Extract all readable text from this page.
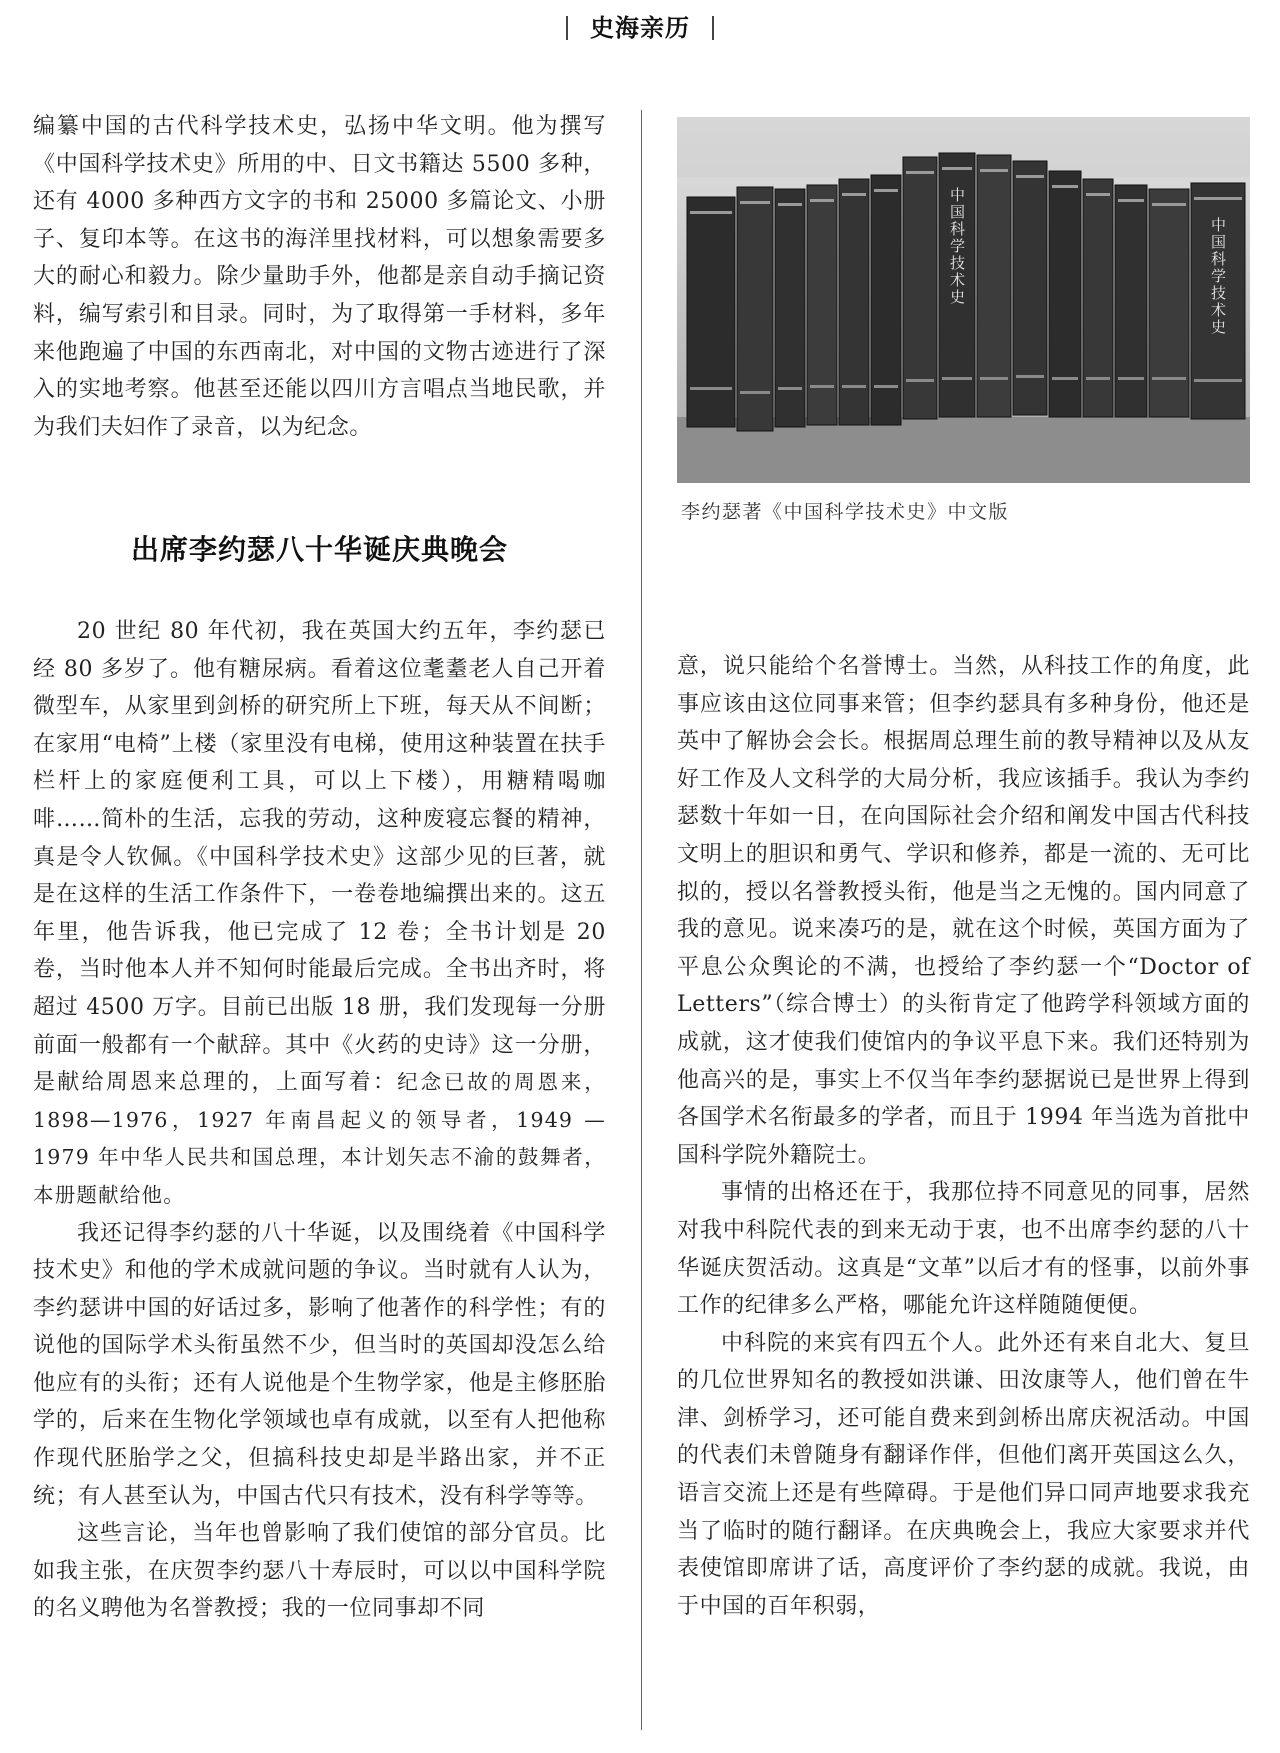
史海亲历

编纂中国的古代科学技术史，弘扬中华文明。他为撰写《中国科学技术史》所用的中、日文书籍达 5500 多种，还有 4000 多种西方文字的书和 25000 多篇论文、小册子、复印本等。在这书的海洋里找材料，可以想象需要多大的耐心和毅力。除少量助手外，他都是亲自动手摘记资料，编写索引和目录。同时，为了取得第一手材料，多年来他跑遍了中国的东西南北，对中国的文物古迹进行了深入的实地考察。他甚至还能以四川方言唱点当地民歌，并为我们夫妇作了录音，以为纪念。

出席李约瑟八十华诞庆典晚会

20 世纪 80 年代初，我在英国大约五年，李约瑟已经 80 多岁了。他有糖尿病。看着这位耄耋老人自己开着微型车，从家里到剑桥的研究所上下班，每天从不间断；在家用“电椅”上楼（家里没有电梯，使用这种装置在扶手栏杆上的家庭便利工具，可以上下楼），用糖精喝咖啡……简朴的生活，忘我的劳动，这种废寝忘餐的精神，真是令人钦佩。《中国科学技术史》这部少见的巨著，就是在这样的生活工作条件下，一卷卷地编撰出来的。这五年里，他告诉我，他已完成了 12 卷；全书计划是 20 卷，当时他本人并不知何时能最后完成。全书出齐时，将超过 4500 万字。目前已出版 18 册，我们发现每一分册前面一般都有一个献辞。其中《火药的史诗》这一分册，是献给周恩来总理的，上面写着：纪念已故的周恩来，1898—1976，1927 年南昌起义的领导者，1949 — 1979 年中华人民共和国总理，本计划矢志不渝的鼓舞者，本册题献给他。

我还记得李约瑟的八十华诞，以及围绕着《中国科学技术史》和他的学术成就问题的争议。当时就有人认为，李约瑟讲中国的好话过多，影响了他著作的科学性；有的说他的国际学术头衔虽然不少，但当时的英国却没怎么给他应有的头衔；还有人说他是个生物学家，他是主修胚胎学的，后来在生物化学领域也卓有成就，以至有人把他称作现代胚胎学之父，但搞科技史却是半路出家，并不正统；有人甚至认为，中国古代只有技术，没有科学等等。

这些言论，当年也曾影响了我们使馆的部分官员。比如我主张，在庆贺李约瑟八十寿辰时，可以以中国科学院的名义聘他为名誉教授；我的一位同事却不同

中国科学技术史	中国科学技术史
李约瑟著《中国科学技术史》中文版

意，说只能给个名誉博士。当然，从科技工作的角度，此事应该由这位同事来管；但李约瑟具有多种身份，他还是英中了解协会会长。根据周总理生前的教导精神以及从友好工作及人文科学的大局分析，我应该插手。我认为李约瑟数十年如一日，在向国际社会介绍和阐发中国古代科技文明上的胆识和勇气、学识和修养，都是一流的、无可比拟的，授以名誉教授头衔，他是当之无愧的。国内同意了我的意见。说来凑巧的是，就在这个时候，英国方面为了平息公众舆论的不满，也授给了李约瑟一个“Doctor of Letters”（综合博士）的头衔肯定了他跨学科领域方面的成就，这才使我们使馆内的争议平息下来。我们还特别为他高兴的是，事实上不仅当年李约瑟据说已是世界上得到各国学术名衔最多的学者，而且于 1994 年当选为首批中国科学院外籍院士。

事情的出格还在于，我那位持不同意见的同事，居然对我中科院代表的到来无动于衷，也不出席李约瑟的八十华诞庆贺活动。这真是“文革”以后才有的怪事，以前外事工作的纪律多么严格，哪能允许这样随随便便。

中科院的来宾有四五个人。此外还有来自北大、复旦的几位世界知名的教授如洪谦、田汝康等人，他们曾在牛津、剑桥学习，还可能自费来到剑桥出席庆祝活动。中国的代表们未曾随身有翻译作伴，但他们离开英国这么久，语言交流上还是有些障碍。于是他们异口同声地要求我充当了临时的随行翻译。在庆典晚会上，我应大家要求并代表使馆即席讲了话，高度评价了李约瑟的成就。我说，由于中国的百年积弱，
